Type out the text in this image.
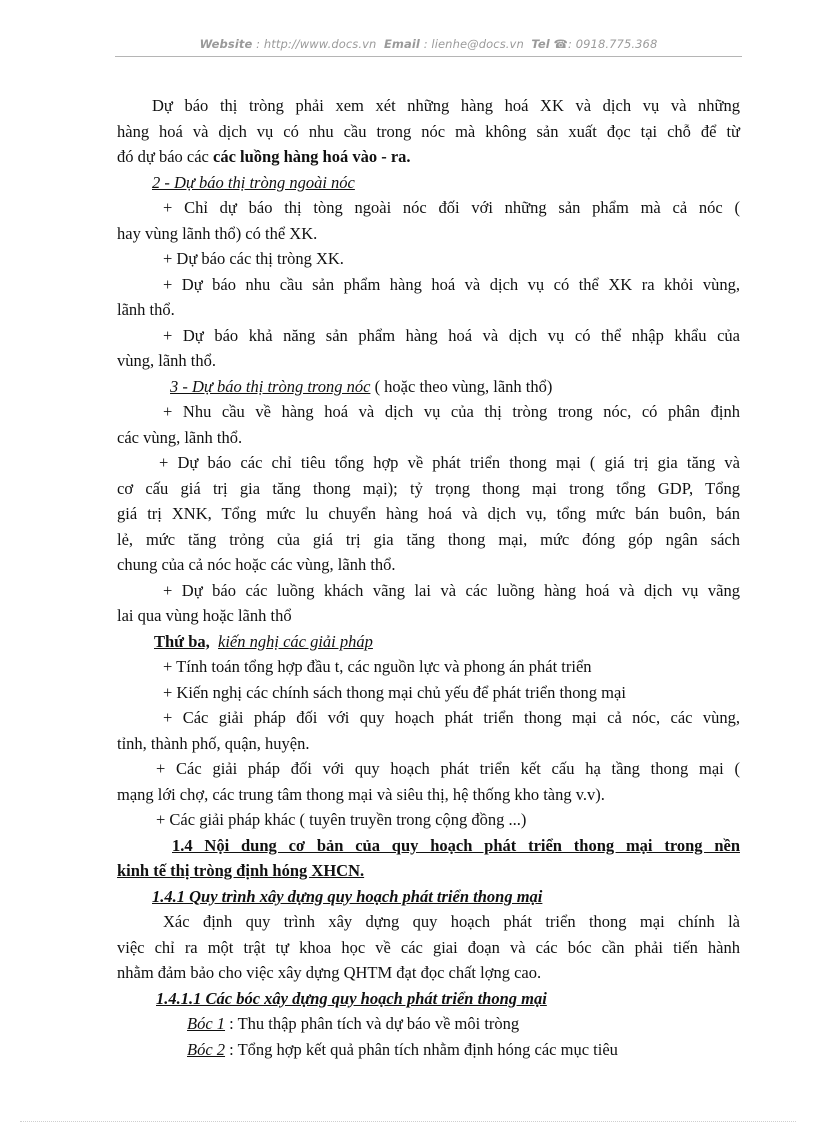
Website : http://www.docs.vn Email : lienhe@docs.vn Tel ☎: 0918.775.368
Dự báo thị tròng phải xem xét những hàng hoá XK và dịch vụ và những
hàng hoá và dịch vụ có nhu cầu trong nóc mà không sản xuất đọc tại chỗ để từ
đó dự báo các các luồng hàng hoá vào - ra.
2 - Dự báo thị tròng ngoài nóc
+ Chỉ dự báo thị tòng ngoài nóc đối với những sản phẩm mà cả nóc (
hay vùng lãnh thổ) có thể XK.
+ Dự báo các thị tròng XK.
+ Dự báo nhu cầu sản phẩm hàng hoá và dịch vụ có thể XK ra khỏi vùng,
lãnh thổ.
+ Dự báo khả năng sản phẩm hàng hoá và dịch vụ có thể nhập khẩu của
vùng, lãnh thổ.
3 - Dự báo thị tròng trong nóc ( hoặc theo vùng, lãnh thổ)
+ Nhu cầu về hàng hoá và dịch vụ của thị tròng trong nóc, có phân định
các vùng, lãnh thổ.
+ Dự báo các chỉ tiêu tổng hợp về phát triển thong mại ( giá trị gia tăng và
cơ cấu giá trị gia tăng thong mại); tỷ trọng thong mại trong tổng GDP, Tổng
giá trị XNK, Tổng mức lu chuyển hàng hoá và dịch vụ, tổng mức bán buôn, bán
lẻ, mức tăng trỏng của giá trị gia tăng thong mại, mức đóng góp ngân sách
chung của cả nóc hoặc các vùng, lãnh thổ.
+ Dự báo các luồng khách vãng lai và các luồng hàng hoá và dịch vụ vãng
lai qua vùng hoặc lãnh thổ
Thứ ba, kiến nghị các giải pháp
+ Tính toán tổng hợp đầu t, các nguồn lực và phong án phát triển
+ Kiến nghị các chính sách thong mại chủ yếu để phát triển thong mại
+ Các giải pháp đối với quy hoạch phát triển thong mại cả nóc, các vùng,
tỉnh, thành phố, quận, huyện.
+ Các giải pháp đối với quy hoạch phát triển kết cấu hạ tầng thong mại (
mạng lới chợ, các trung tâm thong mại và siêu thị, hệ thống kho tàng v.v).
+ Các giải pháp khác ( tuyên truyền trong cộng đồng ...)
1.4 Nội dung cơ bản của quy hoạch phát triển thong mại trong nền
kinh tế thị tròng định hóng XHCN.
1.4.1 Quy trình xây dựng quy hoạch phát triển thong mại
Xác định quy trình xây dựng quy hoạch phát triển thong mại chính là
việc chỉ ra một trật tự khoa học về các giai đoạn và các bóc cần phải tiến hành
nhằm đảm bảo cho việc xây dựng QHTM đạt đọc chất lợng cao.
1.4.1.1 Các bóc xây dựng quy hoạch phát triển thong mại
Bóc 1 : Thu thập phân tích và dự báo về môi tròng
Bóc 2 : Tổng hợp kết quả phân tích nhằm định hóng các mục tiêu
